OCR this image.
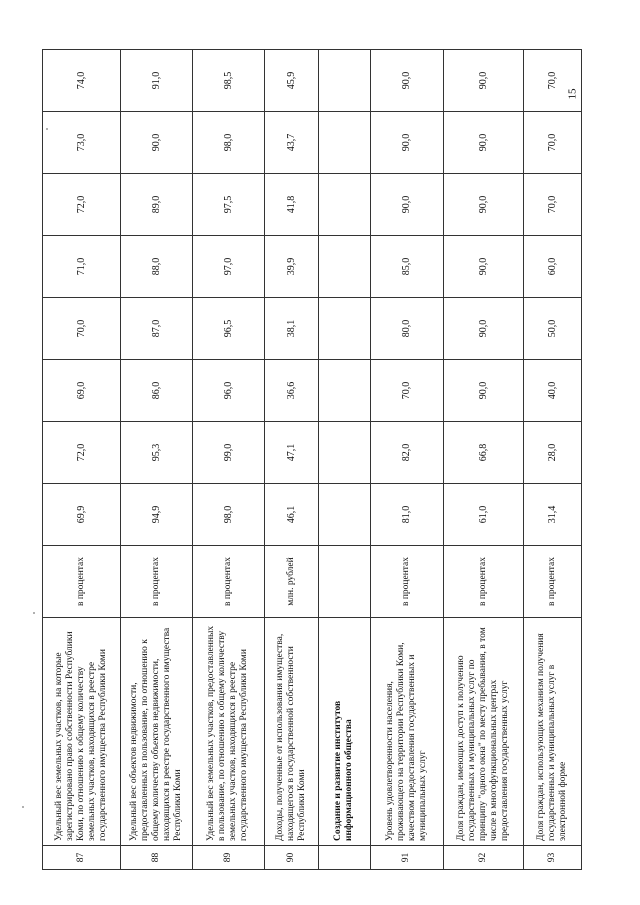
15
87	Удельный вес земельных участков, на которые зарегистрировано право собственности Республики Коми, по отношению к общему количеству земельных участков, находящихся в реестре государственного имущества Республики Коми	в процентах	69,9	72,0	69,0	70,0	71,0	72,0	73,0	74,0
88	Удельный вес объектов недвижимости, предоставленных в пользование, по отношению к общему количеству объектов недвижимости, находящихся в реестре государственного имущества Республики Коми	в процентах	94,9	95,3	86,0	87,0	88,0	89,0	90,0	91,0
89	Удельный вес земельных участков, предоставленных в пользование, по отношению к общему количеству земельных участков, находящихся в реестре государственного имущества Республики Коми	в процентах	98,0	99,0	96,0	96,5	97,0	97,5	98,0	98,5
90	Доходы, полученные от использования имущества, находящегося в государственной собственности Республики Коми	млн. рублей	46,1	47,1	36,6	38,1	39,9	41,8	43,7	45,9
	Создание и развитие институтов информационного общества									
91	Уровень удовлетворенности населения, проживающего на территории Республики Коми, качеством предоставления государственных и муниципальных услуг	в процентах	81,0	82,0	70,0	80,0	85,0	90,0	90,0	90,0
92	Доля граждан, имеющих доступ к получению государственных и муниципальных услуг по принципу "одного окна" по месту пребывания, в том числе в многофункциональных центрах предоставления государственных услуг	в процентах	61,0	66,8	90,0	90,0	90,0	90,0	90,0	90,0
93	Доля граждан, использующих механизм получения государственных и муниципальных услуг в электронной форме	в процентах	31,4	28,0	40,0	50,0	60,0	70,0	70,0	70,0
